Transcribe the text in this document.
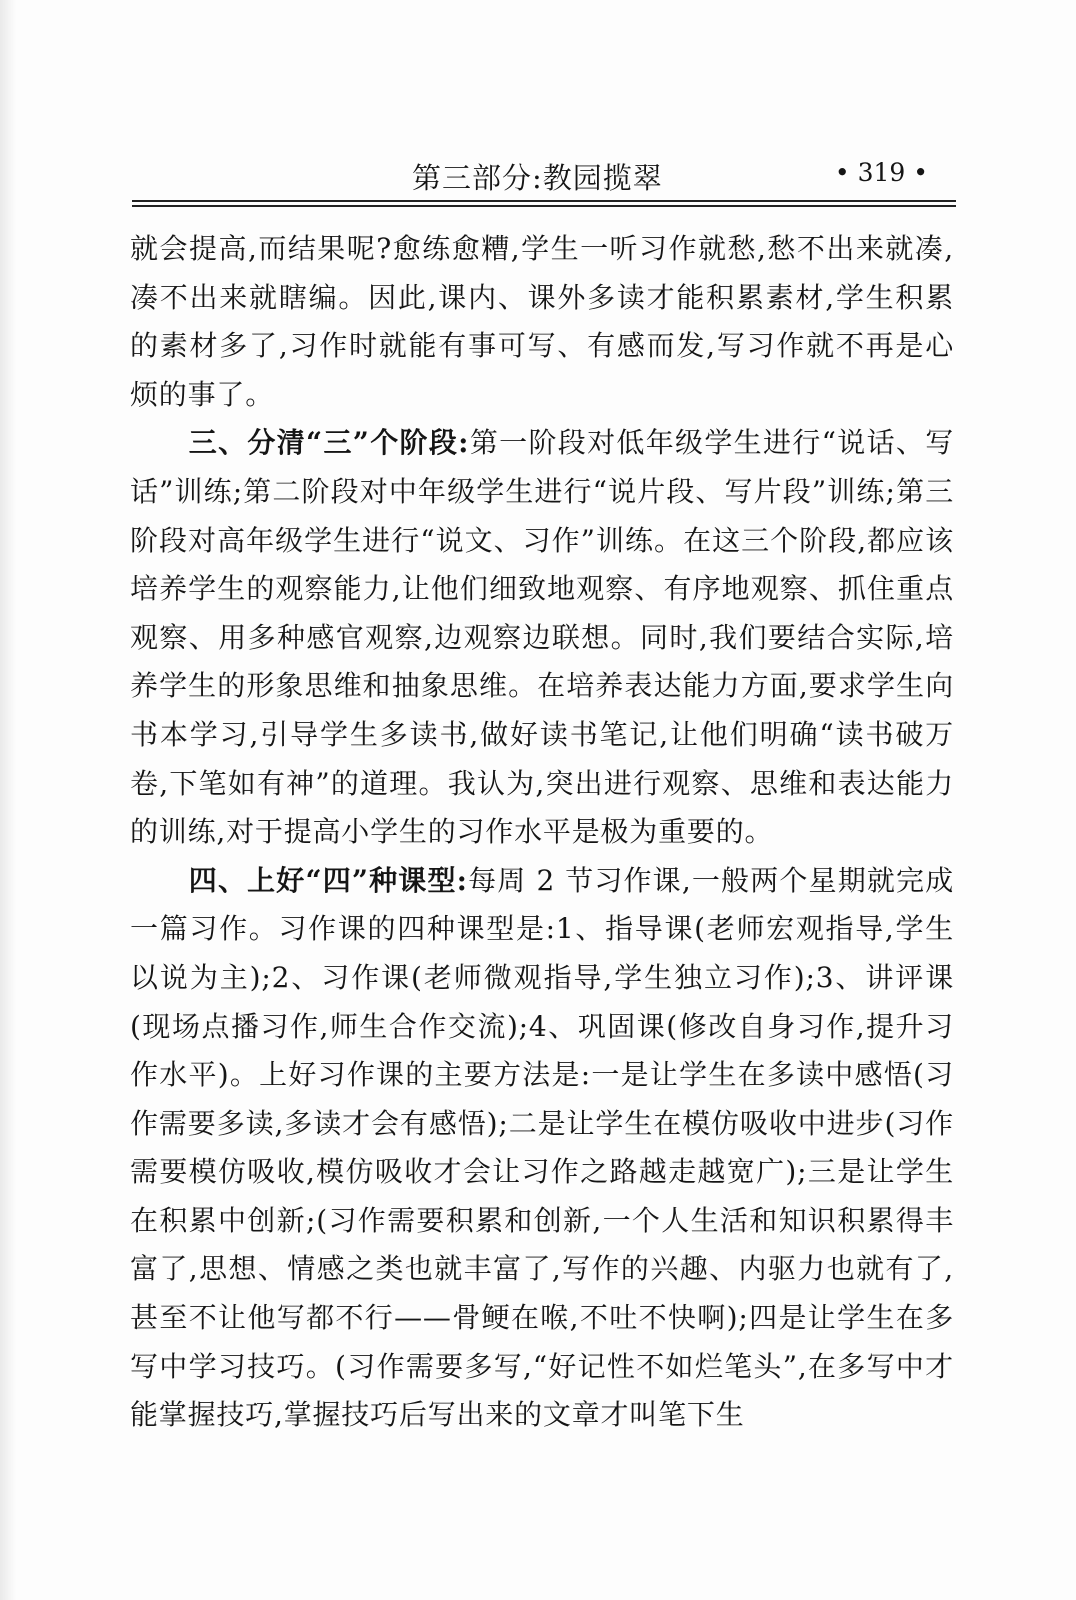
第三部分:教园揽翠	• 319 •

就会提高,而结果呢?愈练愈糟,学生一听习作就愁,愁不出来就凑,凑不出来就瞎编。因此,课内、课外多读才能积累素材,学生积累的素材多了,习作时就能有事可写、有感而发,写习作就不再是心烦的事了。

三、分清“三”个阶段:第一阶段对低年级学生进行“说话、写话”训练;第二阶段对中年级学生进行“说片段、写片段”训练;第三阶段对高年级学生进行“说文、习作”训练。在这三个阶段,都应该培养学生的观察能力,让他们细致地观察、有序地观察、抓住重点观察、用多种感官观察,边观察边联想。同时,我们要结合实际,培养学生的形象思维和抽象思维。在培养表达能力方面,要求学生向书本学习,引导学生多读书,做好读书笔记,让他们明确“读书破万卷,下笔如有神”的道理。我认为,突出进行观察、思维和表达能力的训练,对于提高小学生的习作水平是极为重要的。

四、上好“四”种课型:每周 2 节习作课,一般两个星期就完成一篇习作。习作课的四种课型是:1、指导课(老师宏观指导,学生以说为主);2、习作课(老师微观指导,学生独立习作);3、讲评课(现场点播习作,师生合作交流);4、巩固课(修改自身习作,提升习作水平)。上好习作课的主要方法是:一是让学生在多读中感悟(习作需要多读,多读才会有感悟);二是让学生在模仿吸收中进步(习作需要模仿吸收,模仿吸收才会让习作之路越走越宽广);三是让学生在积累中创新;(习作需要积累和创新,一个人生活和知识积累得丰富了,思想、情感之类也就丰富了,写作的兴趣、内驱力也就有了,甚至不让他写都不行——骨鲠在喉,不吐不快啊);四是让学生在多写中学习技巧。(习作需要多写,“好记性不如烂笔头”,在多写中才能掌握技巧,掌握技巧后写出来的文章才叫笔下生
